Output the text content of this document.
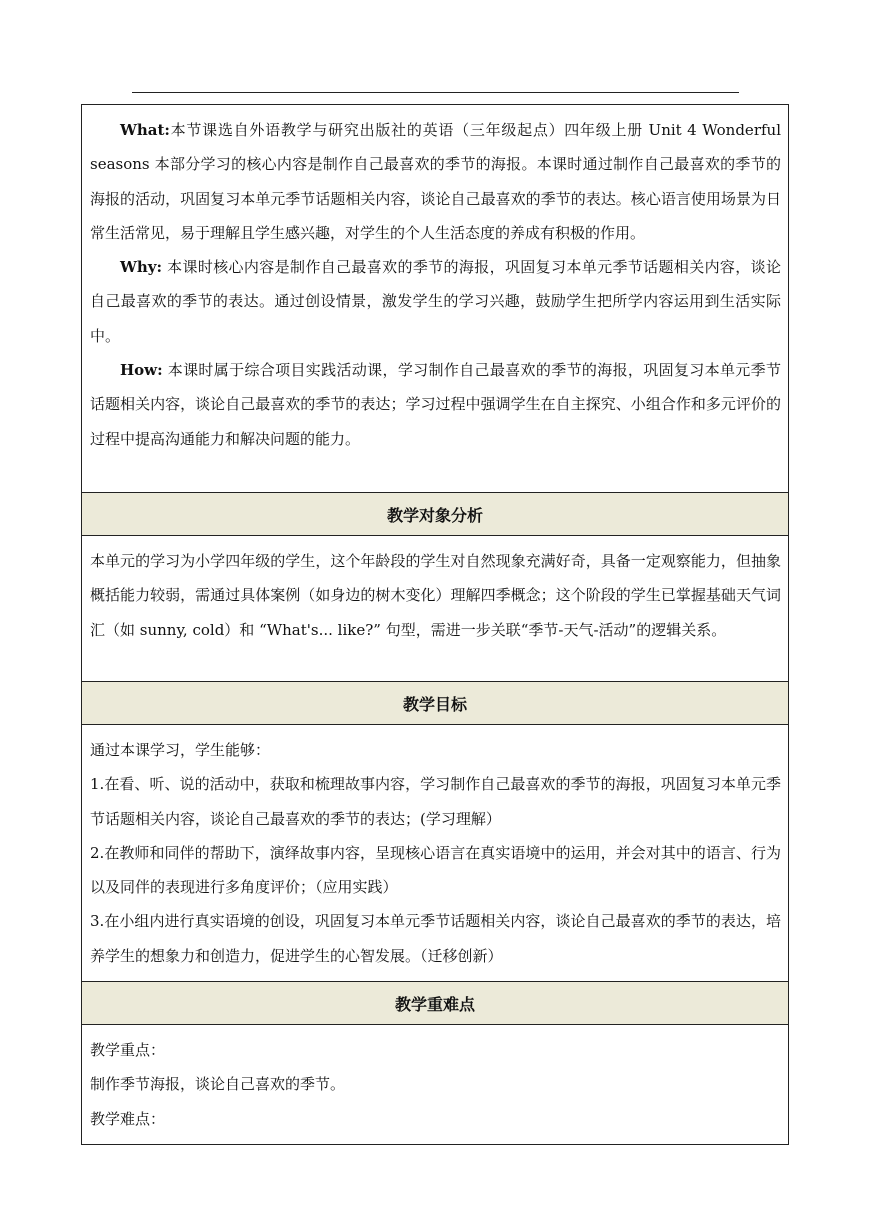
What:本节课选自外语教学与研究出版社的英语（三年级起点）四年级上册 Unit 4 Wonderful seasons 本部分学习的核心内容是制作自己最喜欢的季节的海报。本课时通过制作自己最喜欢的季节的海报的活动，巩固复习本单元季节话题相关内容，谈论自己最喜欢的季节的表达。核心语言使用场景为日常生活常见，易于理解且学生感兴趣，对学生的个人生活态度的养成有积极的作用。

Why: 本课时核心内容是制作自己最喜欢的季节的海报，巩固复习本单元季节话题相关内容，谈论自己最喜欢的季节的表达。通过创设情景，激发学生的学习兴趣，鼓励学生把所学内容运用到生活实际中。

How: 本课时属于综合项目实践活动课，学习制作自己最喜欢的季节的海报，巩固复习本单元季节话题相关内容，谈论自己最喜欢的季节的表达；学习过程中强调学生在自主探究、小组合作和多元评价的过程中提高沟通能力和解决问题的能力。

教学对象分析

本单元的学习为小学四年级的学生，这个年龄段的学生对自然现象充满好奇，具备一定观察能力，但抽象概括能力较弱，需通过具体案例（如身边的树木变化）理解四季概念；这个阶段的学生已掌握基础天气词汇（如 sunny, cold）和 “What's... like?” 句型，需进一步关联“季节-天气-活动”的逻辑关系。

教学目标

通过本课学习，学生能够：

1.在看、听、说的活动中，获取和梳理故事内容，学习制作自己最喜欢的季节的海报，巩固复习本单元季节话题相关内容，谈论自己最喜欢的季节的表达；(学习理解）

2.在教师和同伴的帮助下，演绎故事内容，呈现核心语言在真实语境中的运用，并会对其中的语言、行为以及同伴的表现进行多角度评价；（应用实践）

3.在小组内进行真实语境的创设，巩固复习本单元季节话题相关内容，谈论自己最喜欢的季节的表达，培养学生的想象力和创造力，促进学生的心智发展。（迁移创新）

教学重难点

教学重点：

制作季节海报，谈论自己喜欢的季节。

教学难点：
